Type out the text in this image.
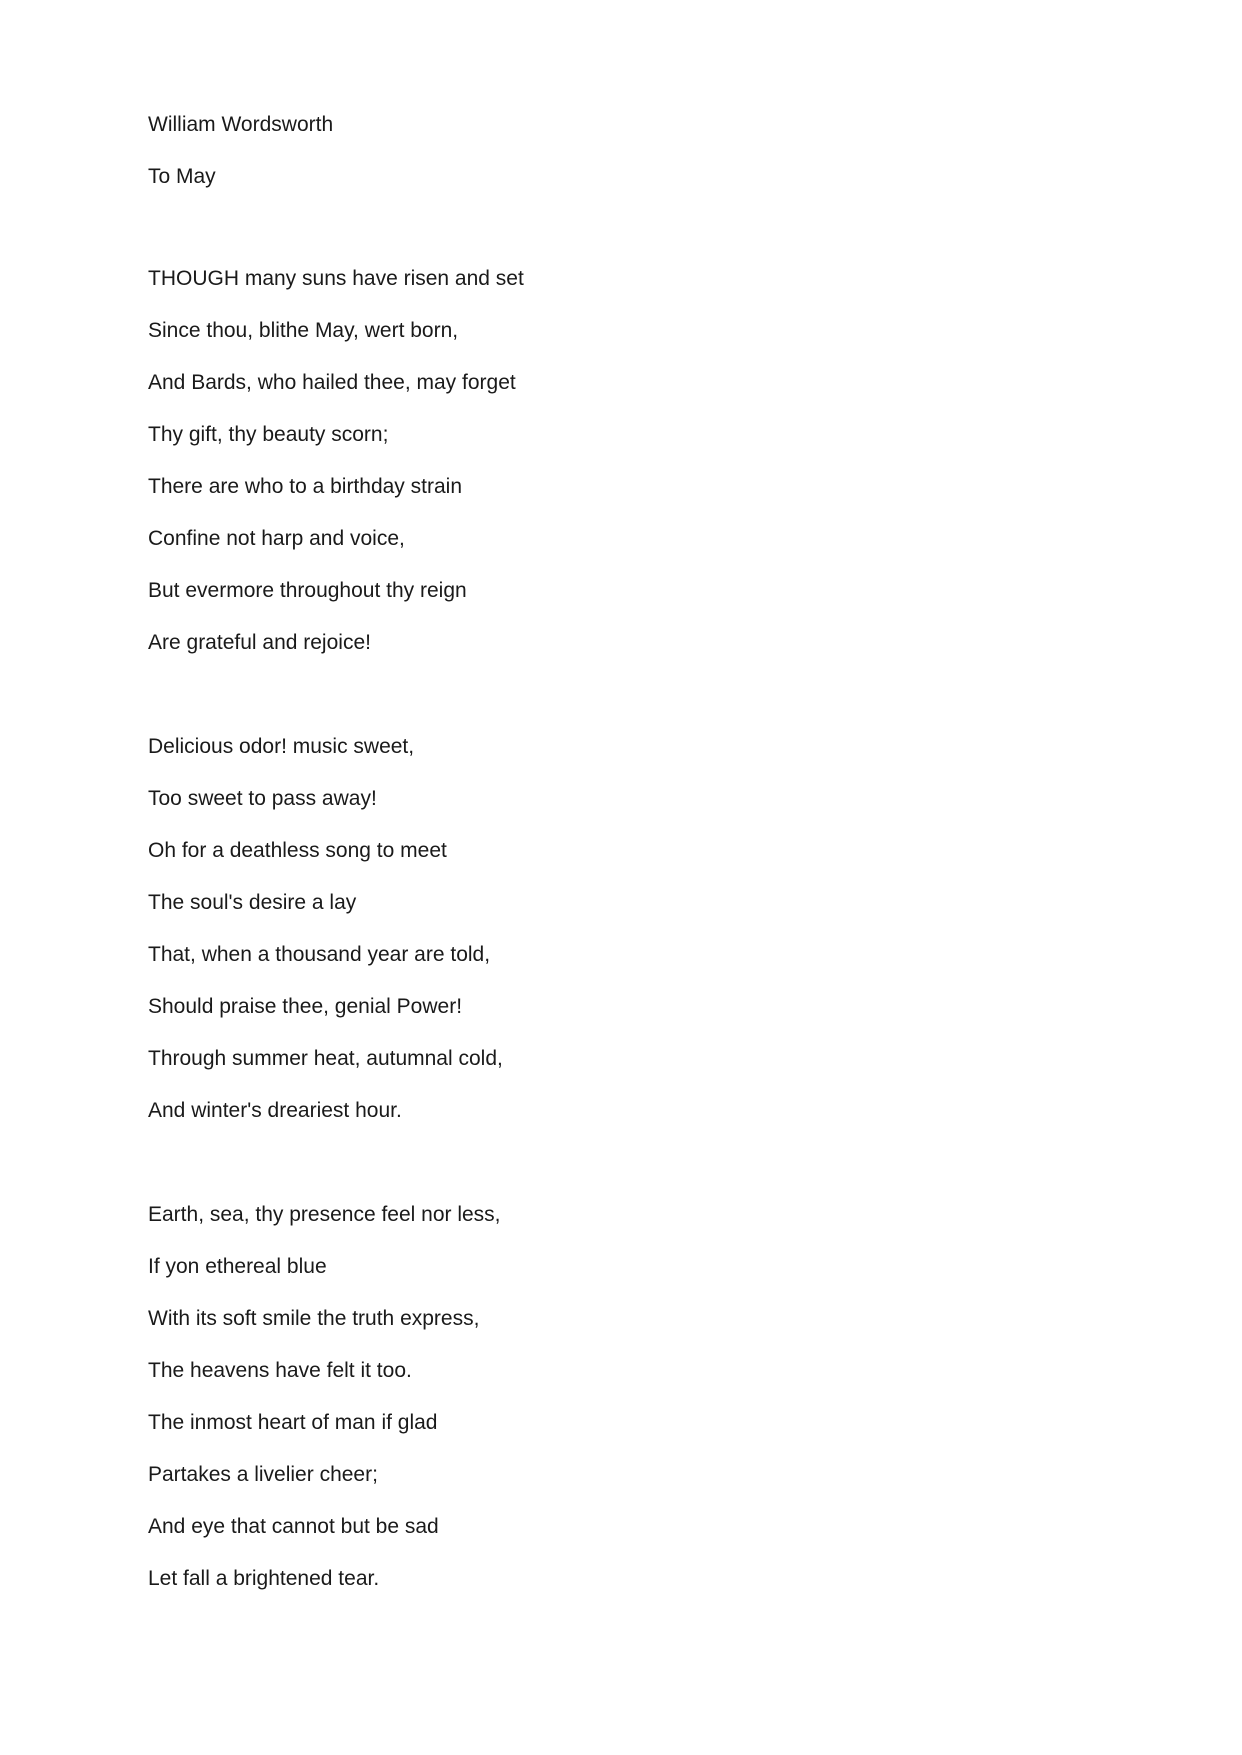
William Wordsworth

To May

THOUGH many suns have risen and set

Since thou, blithe May, wert born,

And Bards, who hailed thee, may forget

Thy gift, thy beauty scorn;

There are who to a birthday strain

Confine not harp and voice,

But evermore throughout thy reign

Are grateful and rejoice!

Delicious odor! music sweet,

Too sweet to pass away!

Oh for a deathless song to meet

The soul's desire a lay

That, when a thousand year are told,

Should praise thee, genial Power!

Through summer heat, autumnal cold,

And winter's dreariest hour.

Earth, sea, thy presence feel nor less,

If yon ethereal blue

With its soft smile the truth express,

The heavens have felt it too.

The inmost heart of man if glad

Partakes a livelier cheer;

And eye that cannot but be sad

Let fall a brightened tear.
